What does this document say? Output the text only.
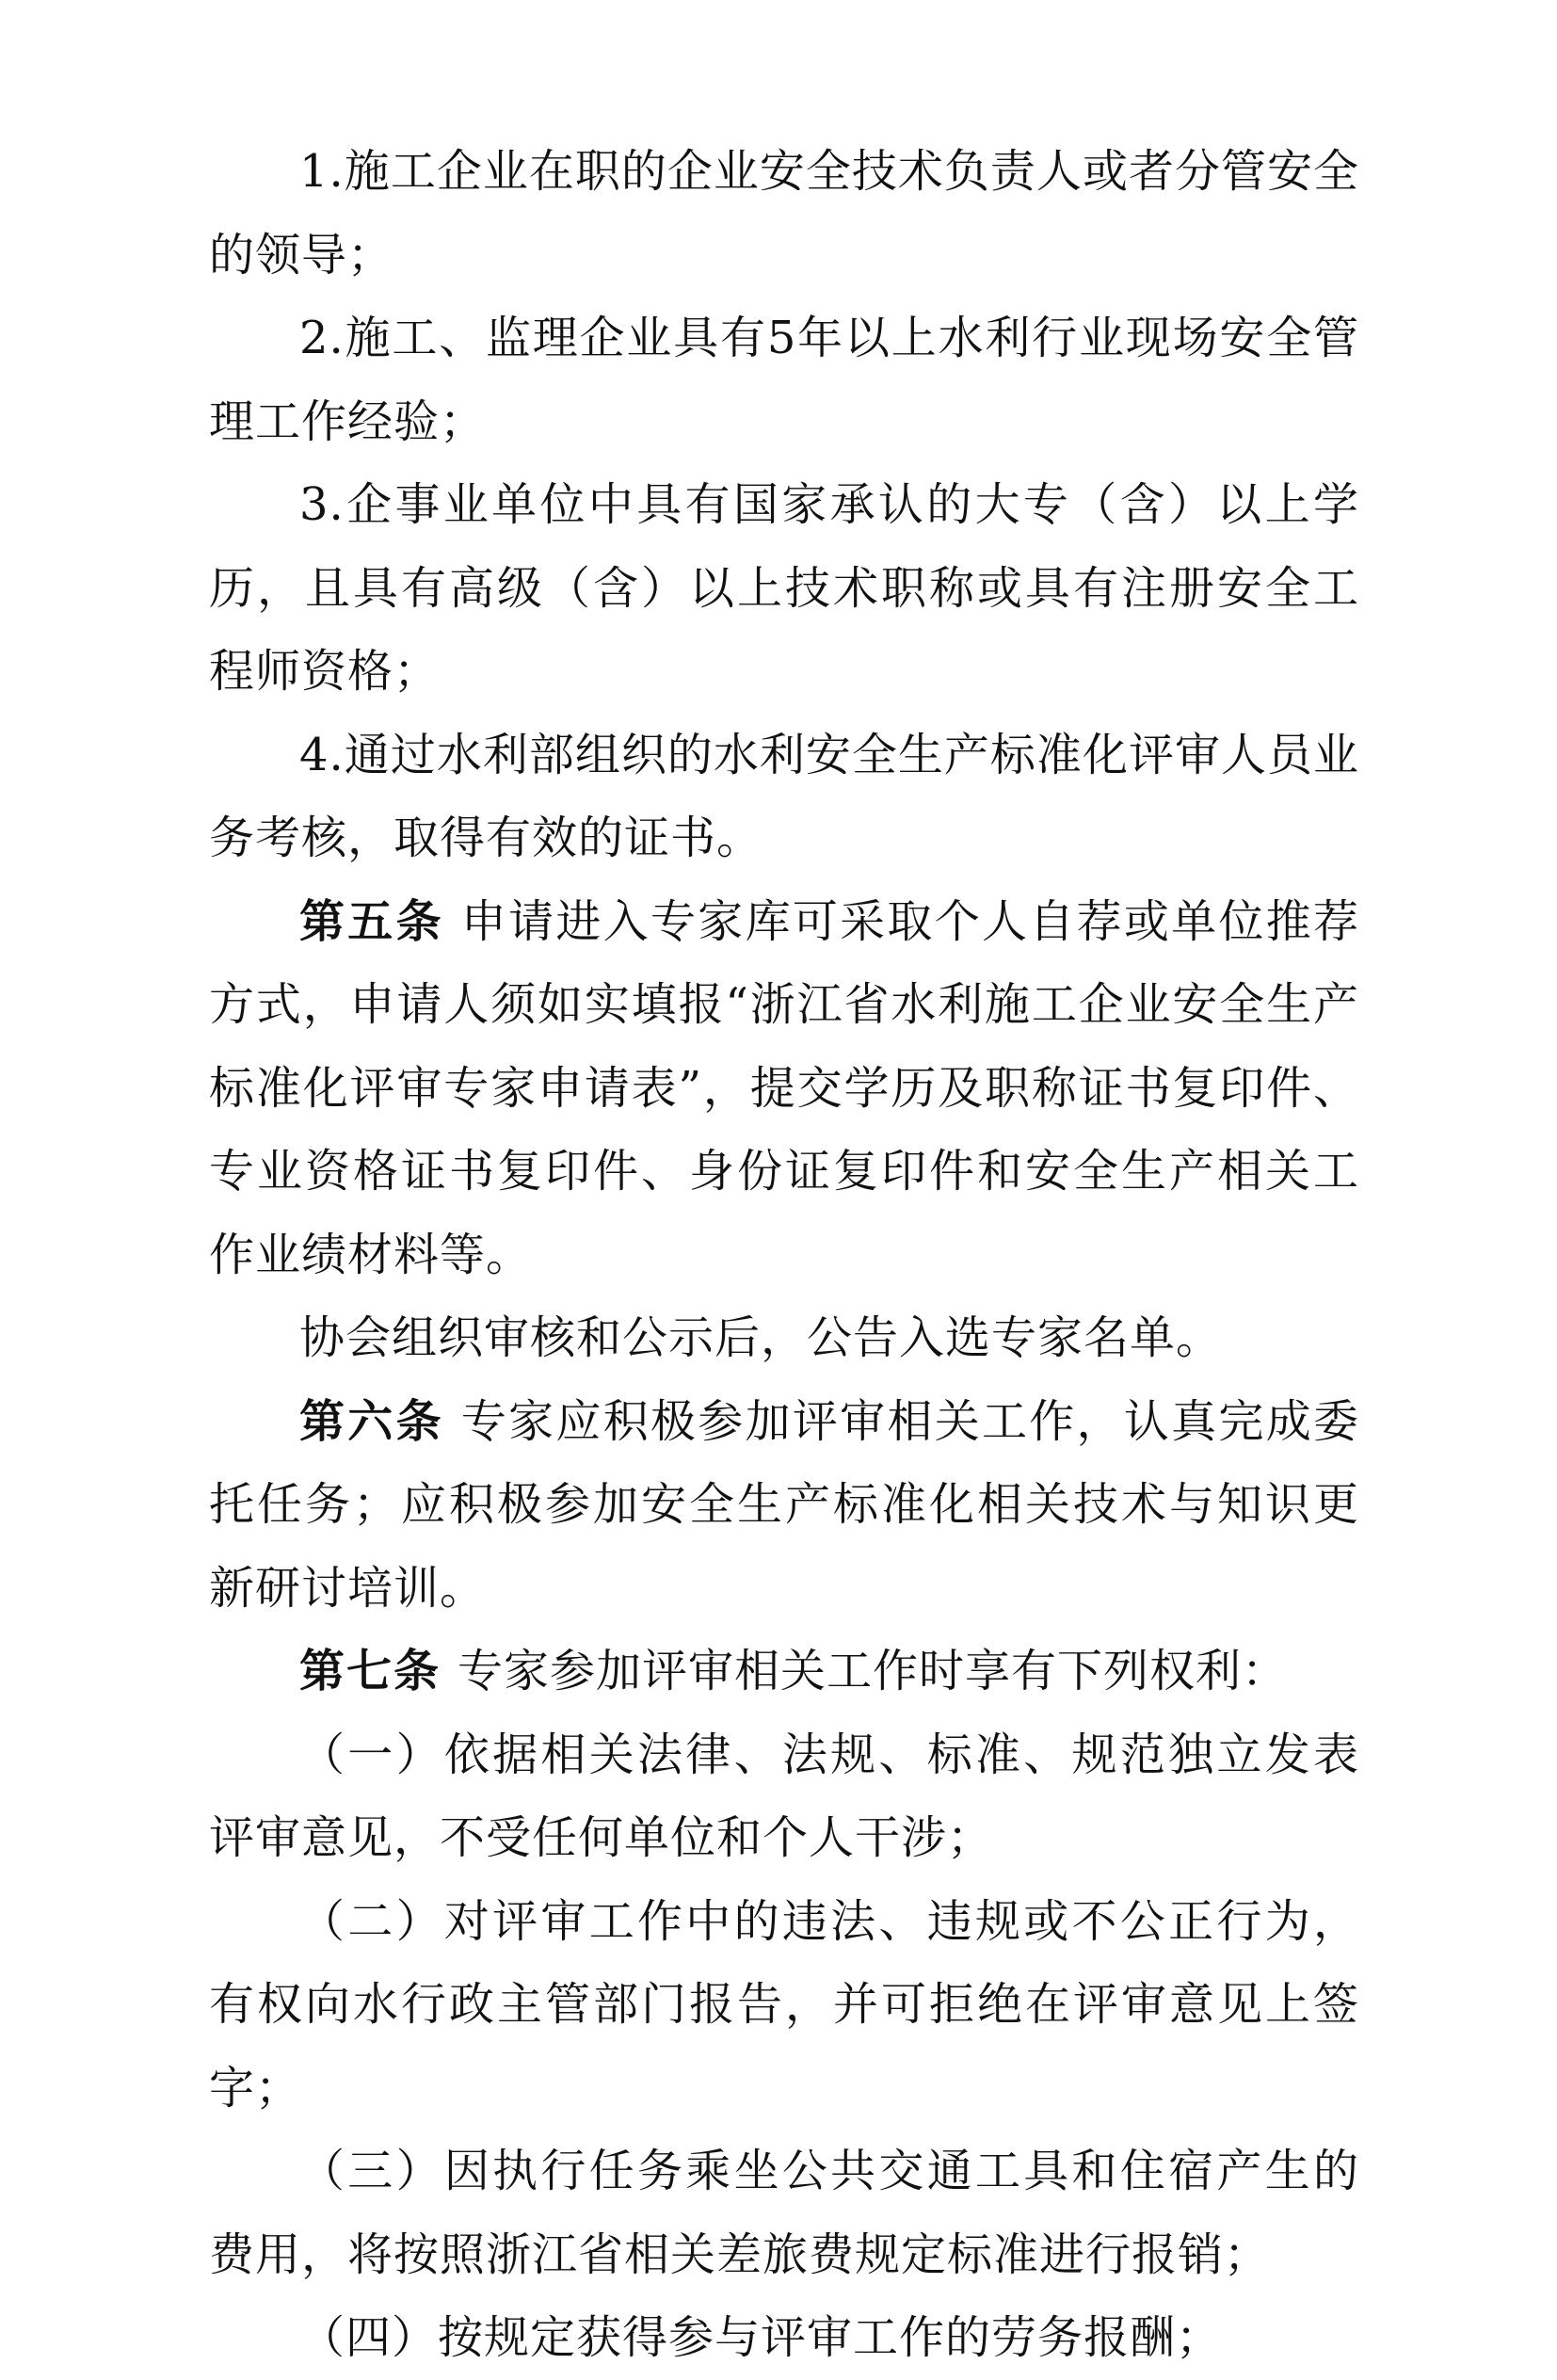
1.施工企业在职的企业安全技术负责人或者分管安全的领导；

2.施工、监理企业具有5年以上水利行业现场安全管理工作经验；

3.企事业单位中具有国家承认的大专（含）以上学历，且具有高级（含）以上技术职称或具有注册安全工程师资格；

4.通过水利部组织的水利安全生产标准化评审人员业务考核，取得有效的证书。

第五条 申请进入专家库可采取个人自荐或单位推荐方式，申请人须如实填报“浙江省水利施工企业安全生产标准化评审专家申请表”，提交学历及职称证书复印件、专业资格证书复印件、身份证复印件和安全生产相关工作业绩材料等。

协会组织审核和公示后，公告入选专家名单。

第六条 专家应积极参加评审相关工作，认真完成委托任务；应积极参加安全生产标准化相关技术与知识更新研讨培训。

第七条 专家参加评审相关工作时享有下列权利：

（一）依据相关法律、法规、标准、规范独立发表评审意见，不受任何单位和个人干涉；

（二）对评审工作中的违法、违规或不公正行为，有权向水行政主管部门报告，并可拒绝在评审意见上签字；

（三）因执行任务乘坐公共交通工具和住宿产生的费用，将按照浙江省相关差旅费规定标准进行报销；

（四）按规定获得参与评审工作的劳务报酬；
